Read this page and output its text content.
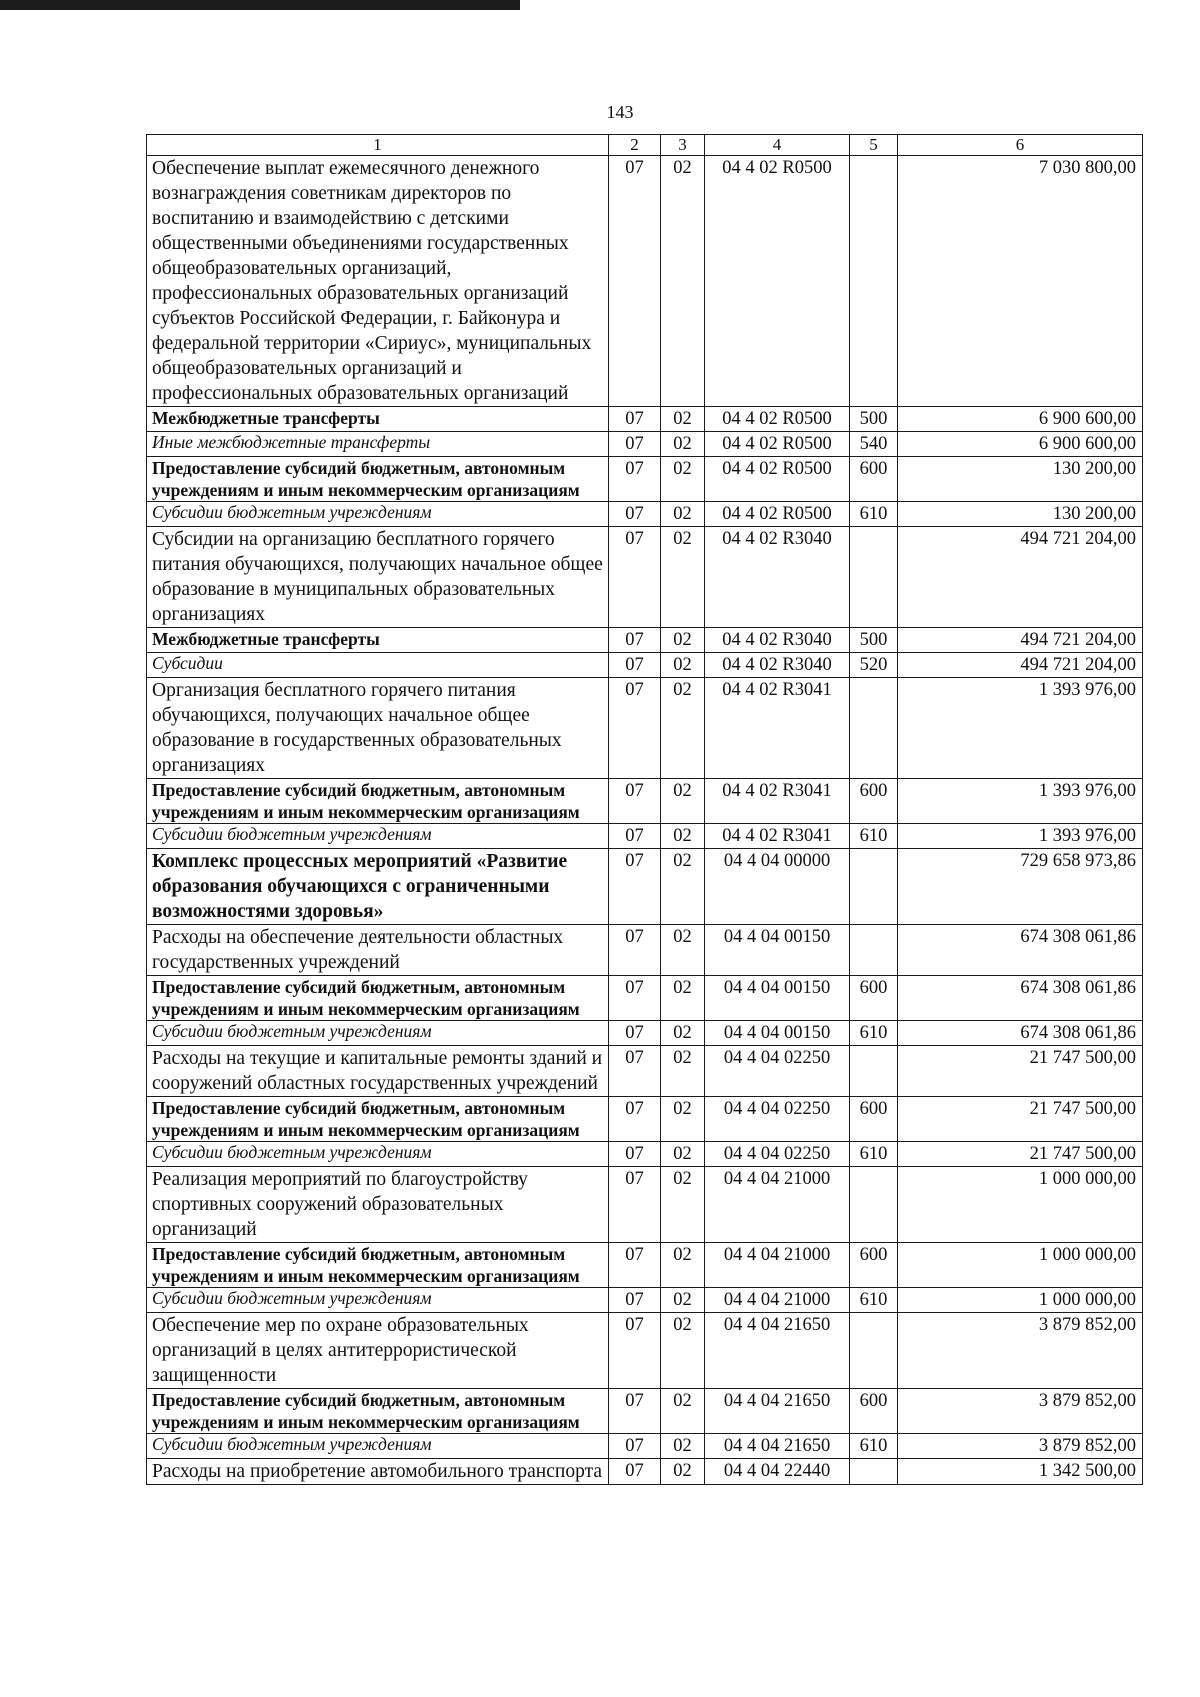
143
1	2	3	4	5	6
Обеспечение выплат ежемесячного денежного вознаграждения советникам директоров по воспитанию и взаимодействию с детскими общественными объединениями государственных общеобразовательных организаций, профессиональных образовательных организаций субъектов Российской Федерации, г. Байконура и федеральной территории «Сириус», муниципальных общеобразовательных организаций и профессиональных образовательных организаций	07	02	04 4 02 R0500		7 030 800,00
Межбюджетные трансферты	07	02	04 4 02 R0500	500	6 900 600,00
Иные межбюджетные трансферты	07	02	04 4 02 R0500	540	6 900 600,00
Предоставление субсидий бюджетным, автономным учреждениям и иным некоммерческим организациям	07	02	04 4 02 R0500	600	130 200,00
Субсидии бюджетным учреждениям	07	02	04 4 02 R0500	610	130 200,00
Субсидии на организацию бесплатного горячего питания обучающихся, получающих начальное общее образование в муниципальных образовательных организациях	07	02	04 4 02 R3040		494 721 204,00
Межбюджетные трансферты	07	02	04 4 02 R3040	500	494 721 204,00
Субсидии	07	02	04 4 02 R3040	520	494 721 204,00
Организация бесплатного горячего питания обучающихся, получающих начальное общее образование в государственных образовательных организациях	07	02	04 4 02 R3041		1 393 976,00
Предоставление субсидий бюджетным, автономным учреждениям и иным некоммерческим организациям	07	02	04 4 02 R3041	600	1 393 976,00
Субсидии бюджетным учреждениям	07	02	04 4 02 R3041	610	1 393 976,00
Комплекс процессных мероприятий «Развитие образования обучающихся с ограниченными возможностями здоровья»	07	02	04 4 04 00000		729 658 973,86
Расходы на обеспечение деятельности областных государственных учреждений	07	02	04 4 04 00150		674 308 061,86
Предоставление субсидий бюджетным, автономным учреждениям и иным некоммерческим организациям	07	02	04 4 04 00150	600	674 308 061,86
Субсидии бюджетным учреждениям	07	02	04 4 04 00150	610	674 308 061,86
Расходы на текущие и капитальные ремонты зданий и сооружений областных государственных учреждений	07	02	04 4 04 02250		21 747 500,00
Предоставление субсидий бюджетным, автономным учреждениям и иным некоммерческим организациям	07	02	04 4 04 02250	600	21 747 500,00
Субсидии бюджетным учреждениям	07	02	04 4 04 02250	610	21 747 500,00
Реализация мероприятий по благоустройству спортивных сооружений образовательных организаций	07	02	04 4 04 21000		1 000 000,00
Предоставление субсидий бюджетным, автономным учреждениям и иным некоммерческим организациям	07	02	04 4 04 21000	600	1 000 000,00
Субсидии бюджетным учреждениям	07	02	04 4 04 21000	610	1 000 000,00
Обеспечение мер по охране образовательных организаций в целях антитеррористической защищенности	07	02	04 4 04 21650		3 879 852,00
Предоставление субсидий бюджетным, автономным учреждениям и иным некоммерческим организациям	07	02	04 4 04 21650	600	3 879 852,00
Субсидии бюджетным учреждениям	07	02	04 4 04 21650	610	3 879 852,00
Расходы на приобретение автомобильного транспорта	07	02	04 4 04 22440		1 342 500,00
